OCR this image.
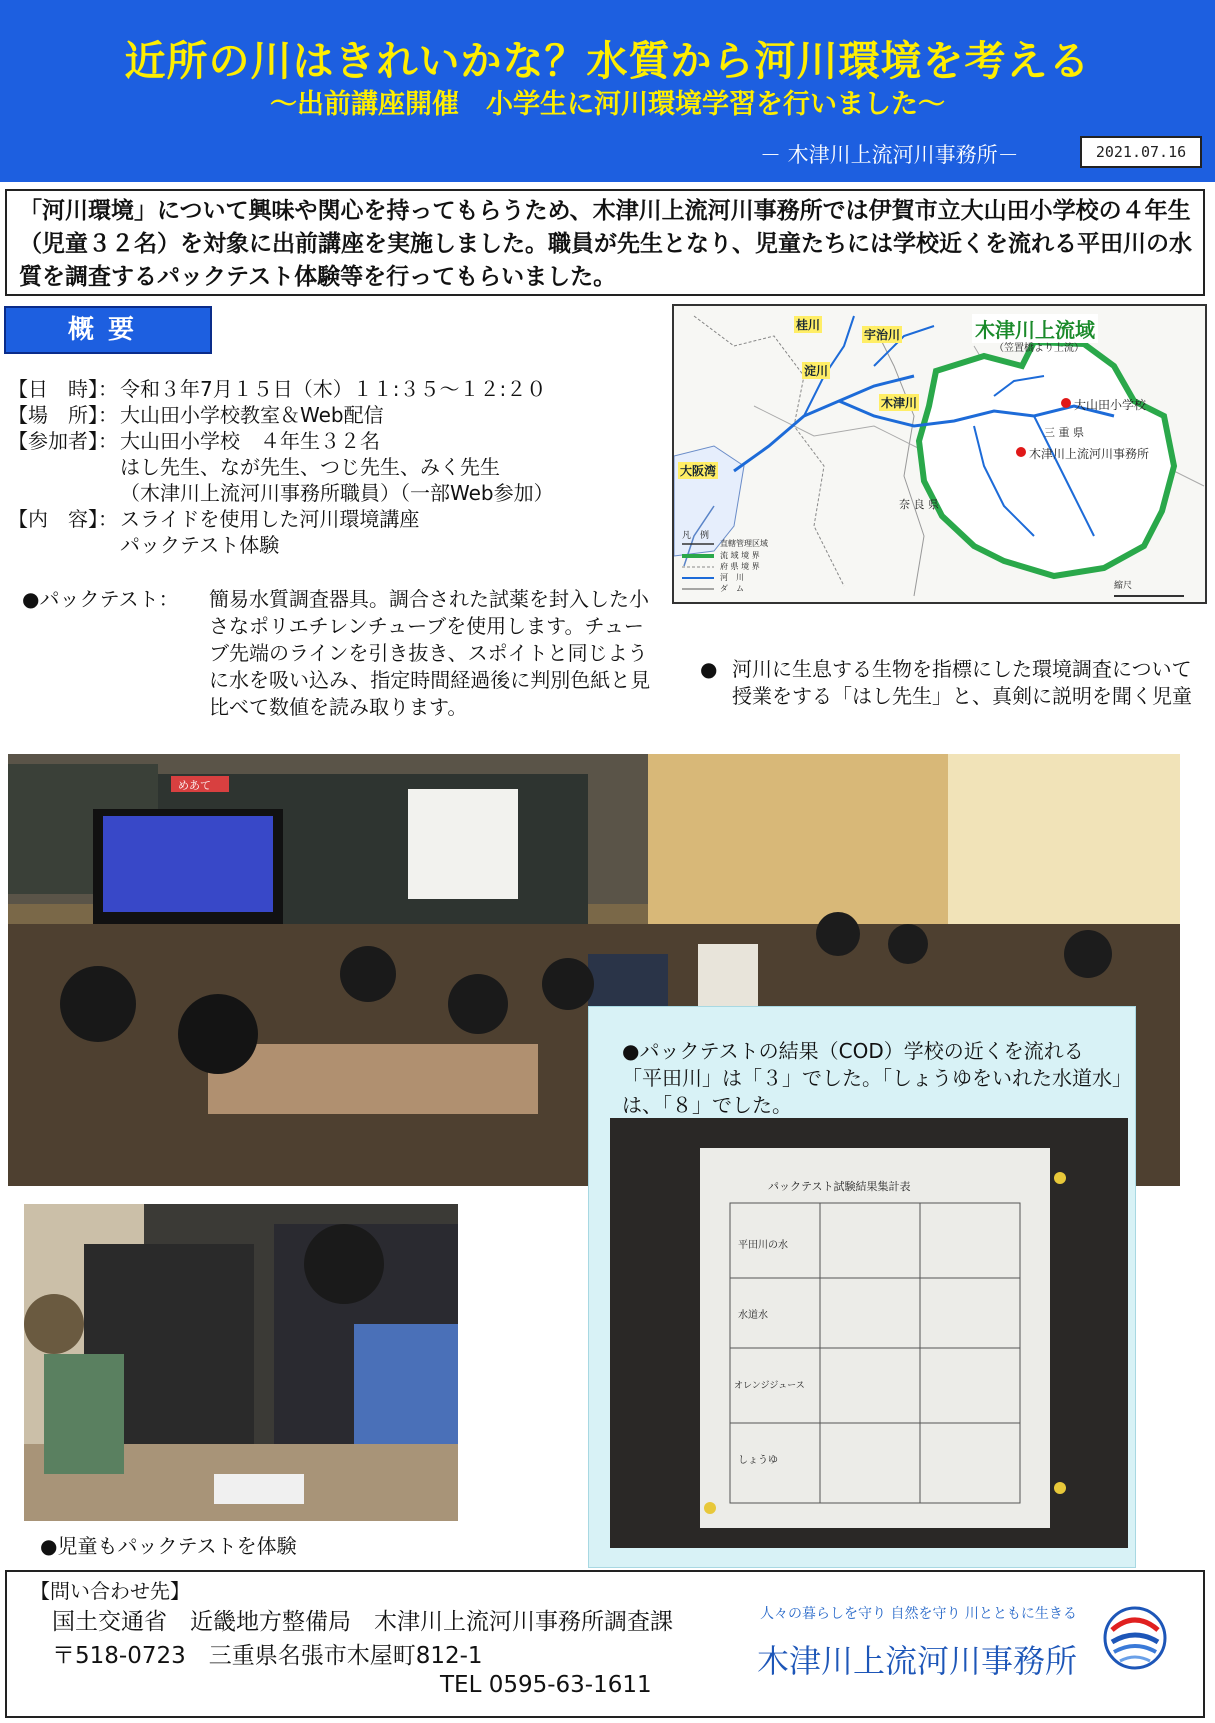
近所の川はきれいかな？水質から河川環境を考える
～出前講座開催　小学生に河川環境学習を行いました～
－ 木津川上流河川事務所－	2021.07.16
「河川環境」について興味や関心を持ってもらうため、木津川上流河川事務所では伊賀市立大山田小学校の４年生（児童３２名）を対象に出前講座を実施しました。職員が先生となり、児童たちには学校近くを流れる平田川の水質を調査するパックテスト体験等を行ってもらいました。
概要
【日　時】： 令和３年7月１５日（木）１１:３５～１２:２０
【場　所】： 大山田小学校教室＆Web配信
【参加者】： 大山田小学校　４年生３２名
はし先生、なが先生、つじ先生、みく先生
（木津川上流河川事務所職員）（一部Web参加）
【内　容】： スライドを使用した河川環境講座
パックテスト体験
●パックテスト： 簡易水質調査器具。調合された試薬を封入した小さなポリエチレンチューブを使用します。チューブ先端のラインを引き抜き、スポイトと同じように水を吸い込み、指定時間経過後に判別色紙と見比べて数値を読み取ります。
木津川上流域
（笠置橋より上流）
桂川
宇治川
淀川
木津川
大阪湾
大山田小学校
木津川上流河川事務所
三 重 県
奈 良 県
凡　例
直轄管理区域
流 域 境 界
府 県 境 界
河　川
ダ　ム	縮尺
● 河川に生息する生物を指標にした環境調査について授業をする「はし先生」と、真剣に説明を聞く児童
めあて
●児童もパックテストを体験
●パックテストの結果（COD）学校の近くを流れる「平田川」は「３」でした。「しょうゆをいれた水道水」は、「８」でした。
パックテスト試験結果集計表
平田川の水
水道水
オレンジジュース
しょうゆ
【問い合わせ先】
国土交通省　近畿地方整備局　木津川上流河川事務所調査課
〒518-0723　三重県名張市木屋町812-1
TEL 0595-63-1611
人々の暮らしを守り 自然を守り 川とともに生きる
木津川上流河川事務所
